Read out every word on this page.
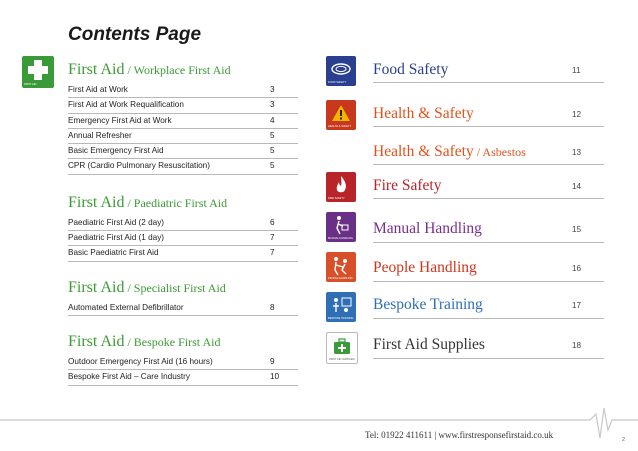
Contents Page
FIRST AID
First Aid / Workplace First Aid
First Aid at Work	3
First Aid at Work Requalification	3
Emergency First Aid at Work	4
Annual Refresher	5
Basic Emergency First Aid	5
CPR (Cardio Pulmonary Resuscitation)	5
First Aid / Paediatric First Aid
Paediatric First Aid (2 day)	6
Paediatric First Aid (1 day)	7
Basic Paediatric First Aid	7
First Aid / Specialist First Aid
Automated External Defibrillator	8
First Aid / Bespoke First Aid
Outdoor Emergency First Aid (16 hours)	9
Bespoke First Aid – Care Industry	10
FOOD SAFETY
Food Safety	11
HEALTH & SAFETY
Health & Safety	12
Health & Safety / Asbestos	13
FIRE SAFETY
Fire Safety	14
MANUAL HANDLING
Manual Handling	15
PEOPLE HANDLING
People Handling	16
BESPOKE TRAINING
Bespoke Training	17
FIRST AID SUPPLIES
First Aid Supplies	18
Tel: 01922 411611 | www.firstresponsefirstaid.co.uk	2
